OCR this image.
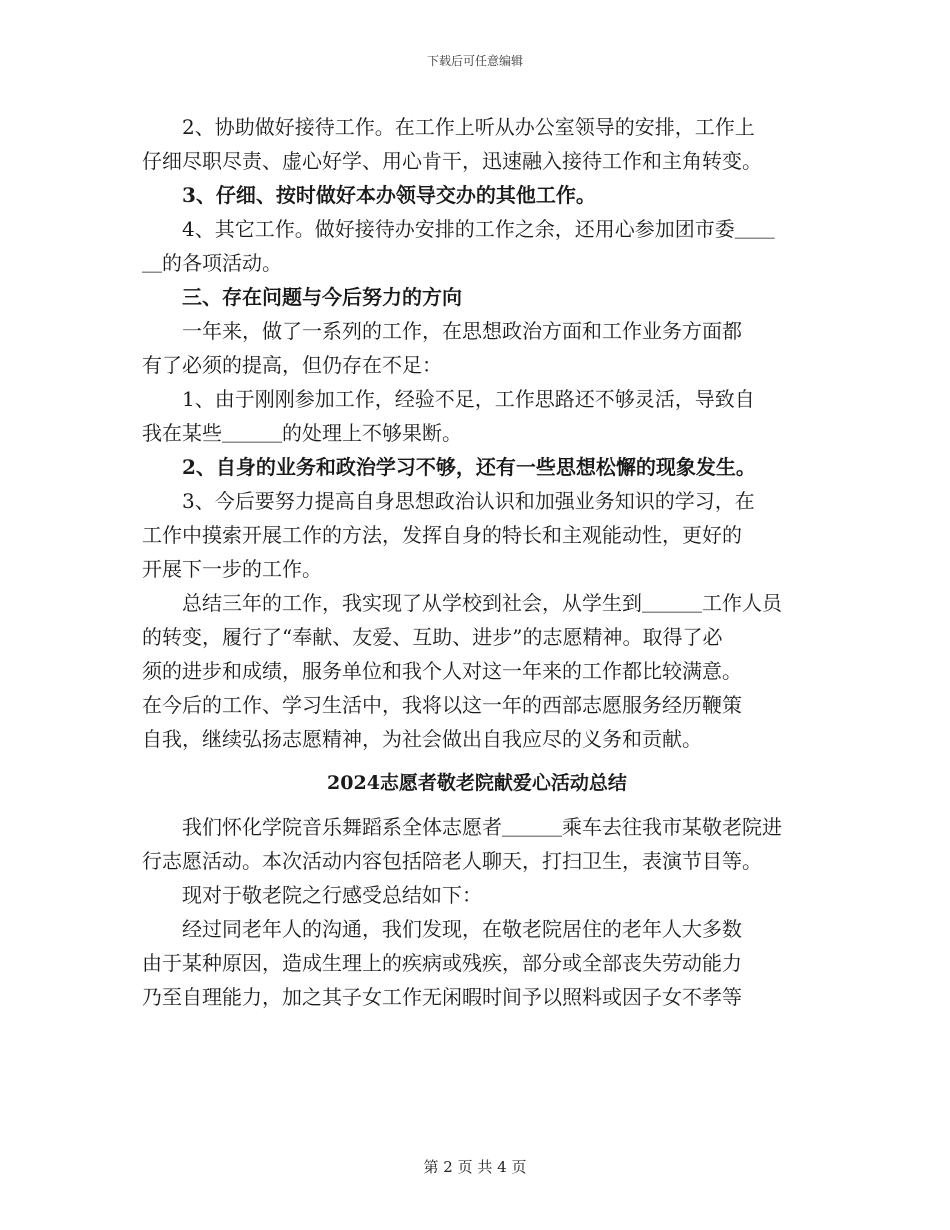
下载后可任意编辑
　　2、协助做好接待工作。在工作上听从办公室领导的安排，工作上
仔细尽职尽责、虚心好学、用心肯干，迅速融入接待工作和主角转变。
　　3、仔细、按时做好本办领导交办的其他工作。
　　4、其它工作。做好接待办安排的工作之余，还用心参加团市委＿＿
＿的各项活动。
　　三、存在问题与今后努力的方向
　　一年来，做了一系列的工作，在思想政治方面和工作业务方面都
有了必须的提高，但仍存在不足：
　　1、由于刚刚参加工作，经验不足，工作思路还不够灵活，导致自
我在某些＿＿＿的处理上不够果断。
　　2、自身的业务和政治学习不够，还有一些思想松懈的现象发生。
　　3、今后要努力提高自身思想政治认识和加强业务知识的学习，在
工作中摸索开展工作的方法，发挥自身的特长和主观能动性，更好的
开展下一步的工作。
　　总结三年的工作，我实现了从学校到社会，从学生到＿＿＿工作人员
的转变，履行了“奉献、友爱、互助、进步”的志愿精神。取得了必
须的进步和成绩，服务单位和我个人对这一年来的工作都比较满意。
在今后的工作、学习生活中，我将以这一年的西部志愿服务经历鞭策
自我，继续弘扬志愿精神，为社会做出自我应尽的义务和贡献。
2024志愿者敬老院献爱心活动总结
　　我们怀化学院音乐舞蹈系全体志愿者＿＿＿乘车去往我市某敬老院进
行志愿活动。本次活动内容包括陪老人聊天，打扫卫生，表演节目等。
　　现对于敬老院之行感受总结如下：
　　经过同老年人的沟通，我们发现，在敬老院居住的老年人大多数
由于某种原因，造成生理上的疾病或残疾，部分或全部丧失劳动能力
乃至自理能力，加之其子女工作无闲暇时间予以照料或因子女不孝等
第 2 页 共 4 页
